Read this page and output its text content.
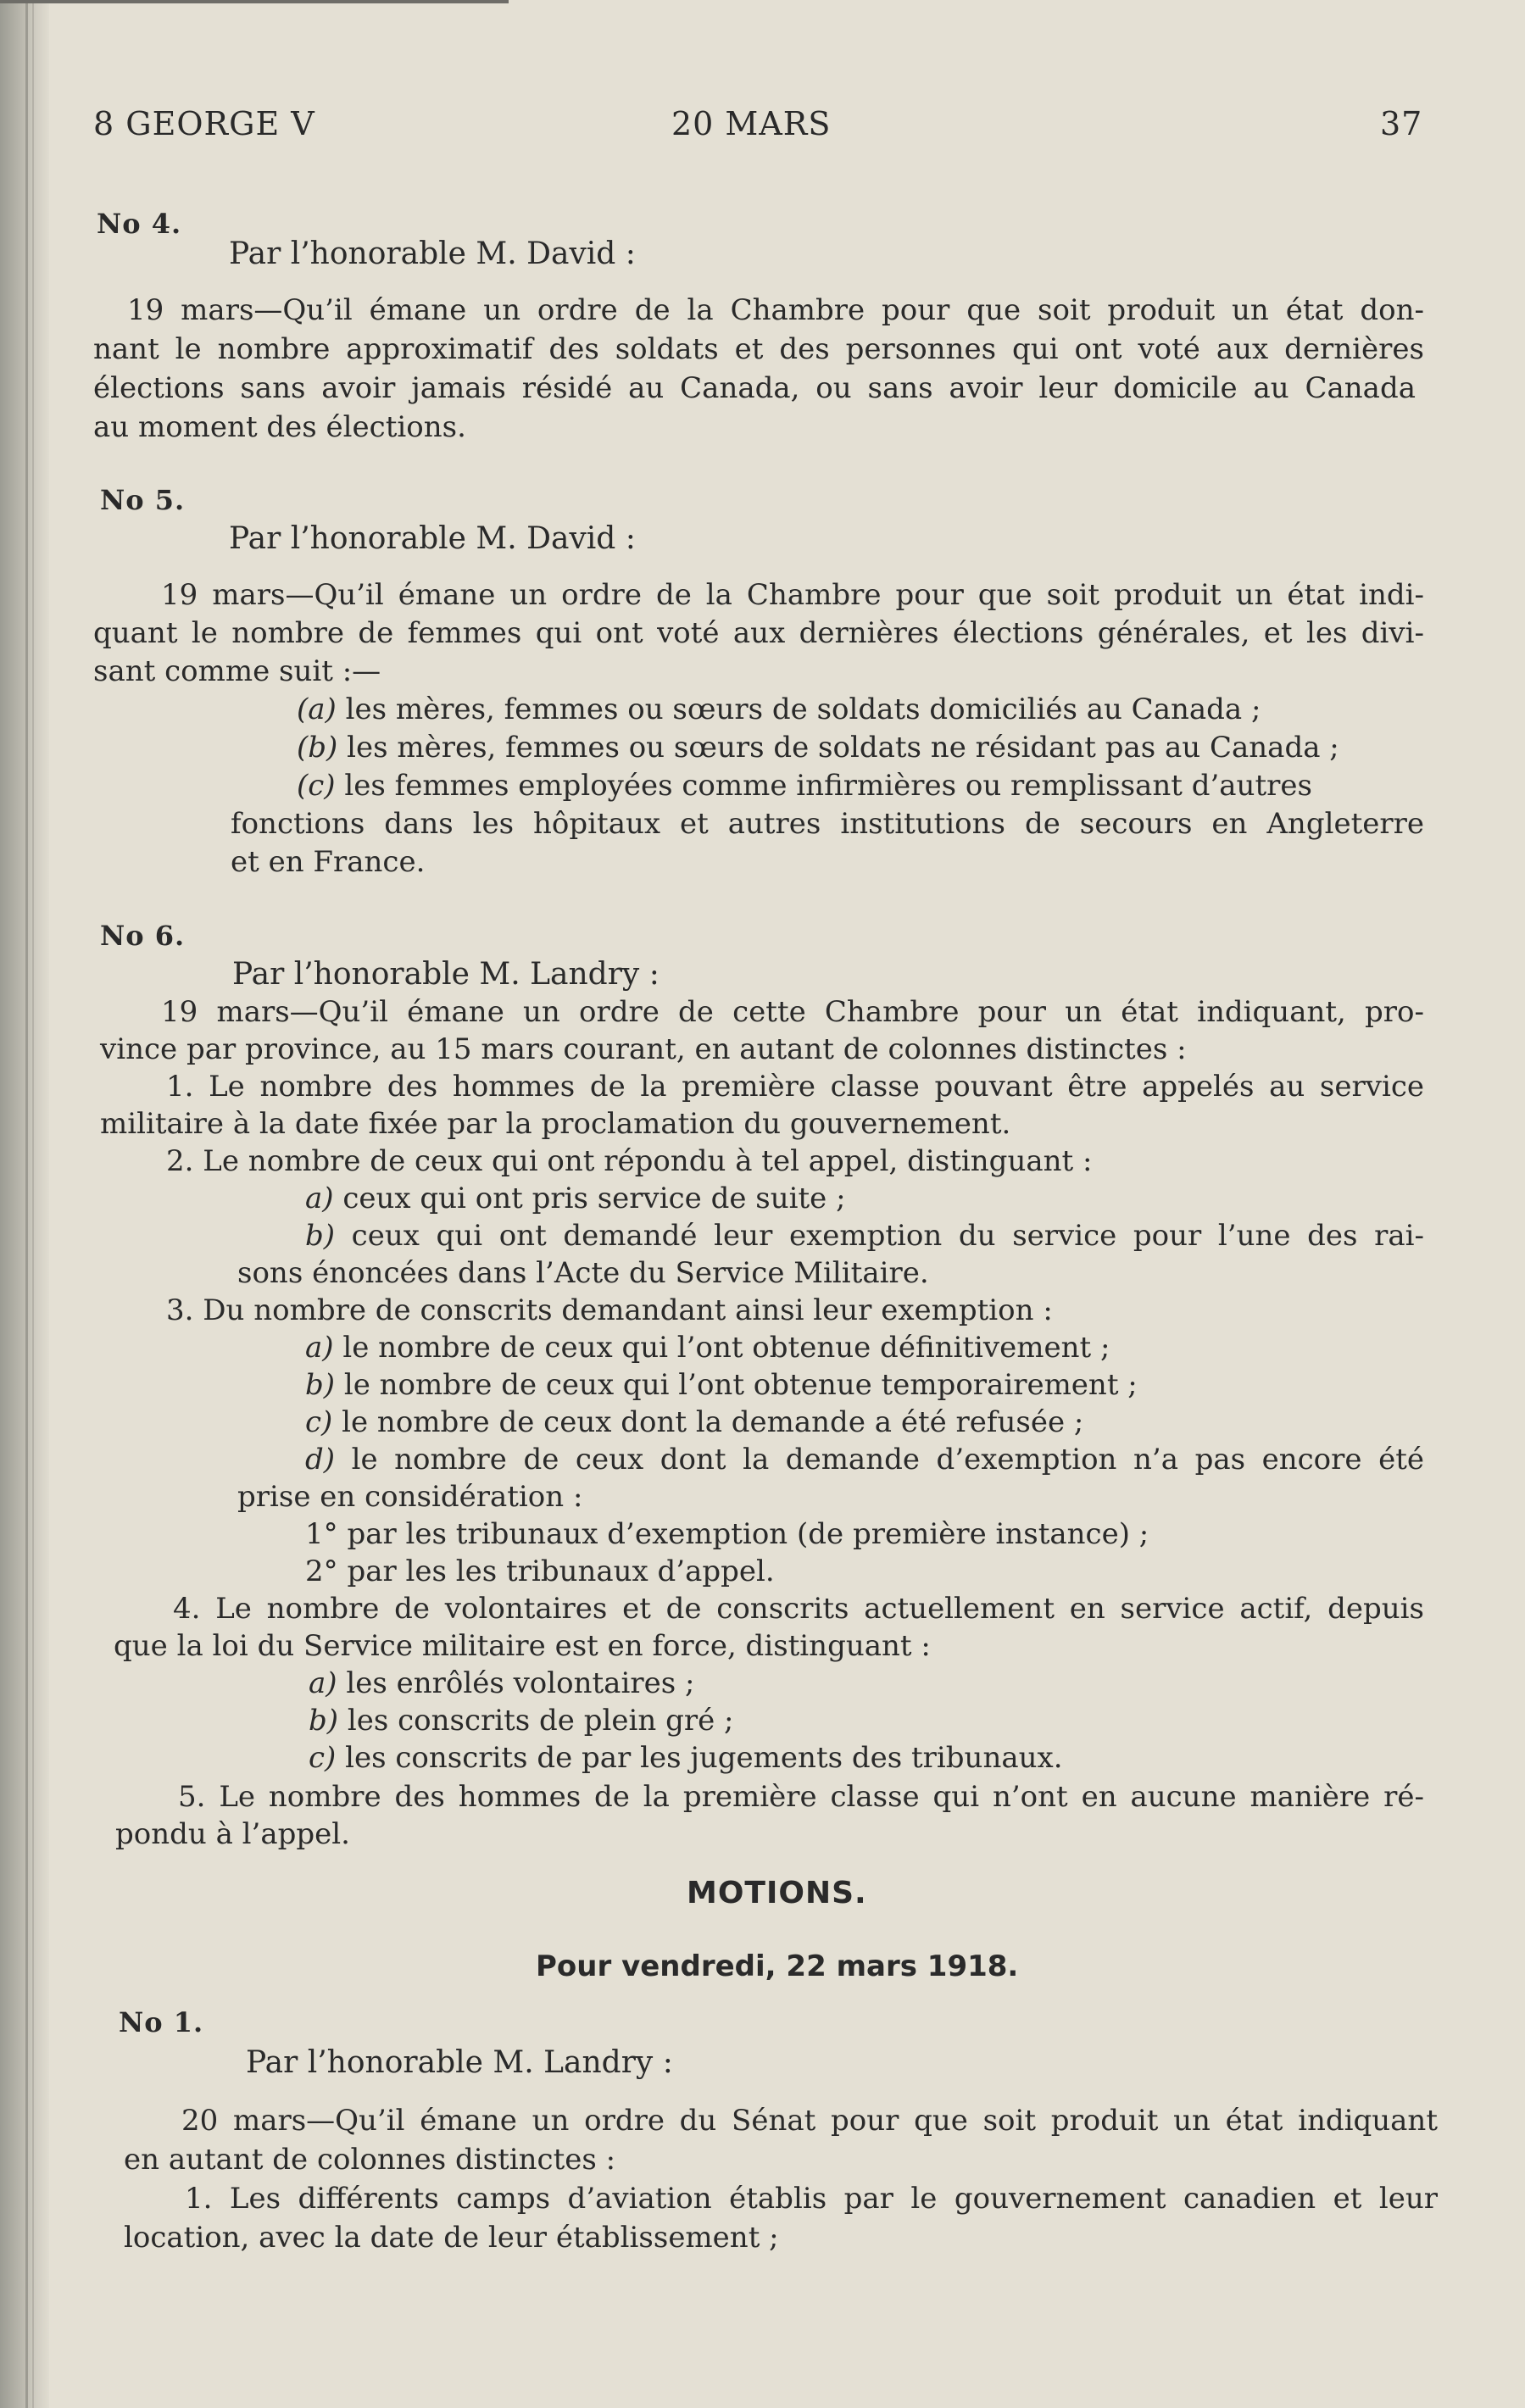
8 GEORGE V	20 MARS	37
No 4.
Par l’honorable M. David :
19 mars—Qu’il émane un ordre de la Chambre pour que soit produit un état don-
nant le nombre approximatif des soldats et des personnes qui ont voté aux dernières
élections sans avoir jamais résidé au Canada, ou sans avoir leur domicile au Canada
au moment des élections.
No 5.
Par l’honorable M. David :
19 mars—Qu’il émane un ordre de la Chambre pour que soit produit un état indi-
quant le nombre de femmes qui ont voté aux dernières élections générales, et les divi-
sant comme suit :—
(a) les mères, femmes ou sœurs de soldats domiciliés au Canada ;
(b) les mères, femmes ou sœurs de soldats ne résidant pas au Canada ;
(c) les femmes employées comme infirmières ou remplissant d’autres
fonctions dans les hôpitaux et autres institutions de secours en Angleterre
et en France.
No 6.
Par l’honorable M. Landry :
19 mars—Qu’il émane un ordre de cette Chambre pour un état indiquant, pro-
vince par province, au 15 mars courant, en autant de colonnes distinctes :
1. Le nombre des hommes de la première classe pouvant être appelés au service
militaire à la date fixée par la proclamation du gouvernement.
2. Le nombre de ceux qui ont répondu à tel appel, distinguant :
a) ceux qui ont pris service de suite ;
b) ceux qui ont demandé leur exemption du service pour l’une des rai-
sons énoncées dans l’Acte du Service Militaire.
3. Du nombre de conscrits demandant ainsi leur exemption :
a) le nombre de ceux qui l’ont obtenue définitivement ;
b) le nombre de ceux qui l’ont obtenue temporairement ;
c) le nombre de ceux dont la demande a été refusée ;
d) le nombre de ceux dont la demande d’exemption n’a pas encore été
prise en considération :
1° par les tribunaux d’exemption (de première instance) ;
2° par les les tribunaux d’appel.
4. Le nombre de volontaires et de conscrits actuellement en service actif, depuis
que la loi du Service militaire est en force, distinguant :
a) les enrôlés volontaires ;
b) les conscrits de plein gré ;
c) les conscrits de par les jugements des tribunaux.
5. Le nombre des hommes de la première classe qui n’ont en aucune manière ré-
pondu à l’appel.
MOTIONS.
Pour vendredi, 22 mars 1918.
No 1.
Par l’honorable M. Landry :
20 mars—Qu’il émane un ordre du Sénat pour que soit produit un état indiquant
en autant de colonnes distinctes :
1. Les différents camps d’aviation établis par le gouvernement canadien et leur
location, avec la date de leur établissement ;
